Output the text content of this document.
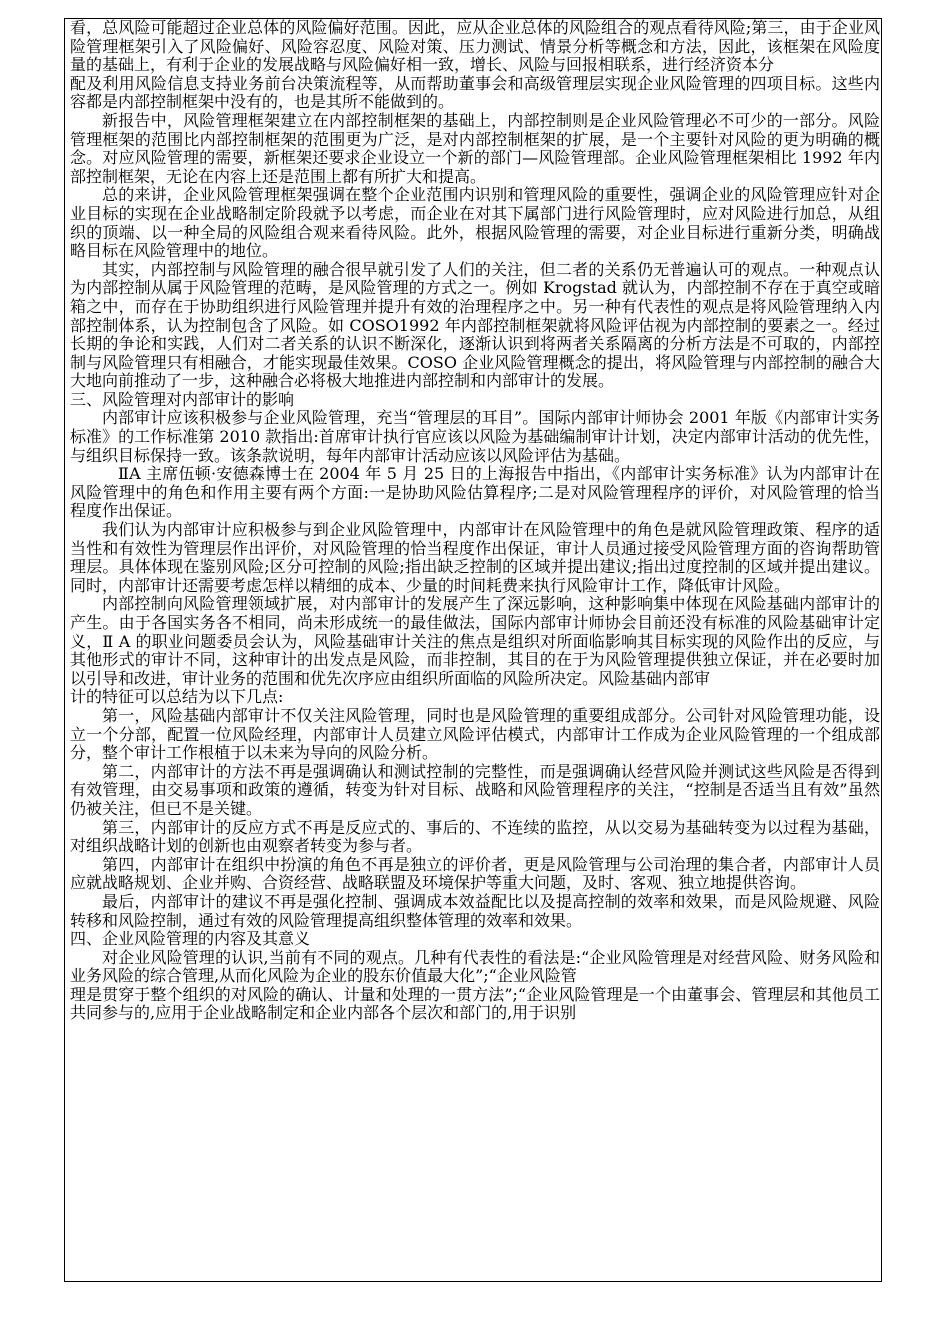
看，总风险可能超过企业总体的风险偏好范围。因此，应从企业总体的风险组合的观点看待风险;第三，由于企业风险管理框架引入了风险偏好、风险容忍度、风险对策、压力测试、情景分析等概念和方法，因此，该框架在风险度量的基础上，有利于企业的发展战略与风险偏好相一致，增长、风险与回报相联系，进行经济资本分

配及利用风险信息支持业务前台决策流程等，从而帮助董事会和高级管理层实现企业风险管理的四项目标。这些内容都是内部控制框架中没有的，也是其所不能做到的。

新报告中，风险管理框架建立在内部控制框架的基础上，内部控制则是企业风险管理必不可少的一部分。风险管理框架的范围比内部控制框架的范围更为广泛，是对内部控制框架的扩展，是一个主要针对风险的更为明确的概念。对应风险管理的需要，新框架还要求企业设立一个新的部门—风险管理部。企业风险管理框架相比 1992 年内部控制框架，无论在内容上还是范围上都有所扩大和提高。

总的来讲，企业风险管理框架强调在整个企业范围内识别和管理风险的重要性，强调企业的风险管理应针对企业目标的实现在企业战略制定阶段就予以考虑，而企业在对其下属部门进行风险管理时，应对风险进行加总，从组织的顶端、以一种全局的风险组合观来看待风险。此外，根据风险管理的需要，对企业目标进行重新分类，明确战略目标在风险管理中的地位。

其实，内部控制与风险管理的融合很早就引发了人们的关注，但二者的关系仍无普遍认可的观点。一种观点认为内部控制从属于风险管理的范畴，是风险管理的方式之一。例如 Krogstad 就认为，内部控制不存在于真空或暗箱之中，而存在于协助组织进行风险管理并提升有效的治理程序之中。另一种有代表性的观点是将风险管理纳入内部控制体系，认为控制包含了风险。如 COSO1992 年内部控制框架就将风险评估视为内部控制的要素之一。经过长期的争论和实践，人们对二者关系的认识不断深化，逐渐认识到将两者关系隔离的分析方法是不可取的，内部控制与风险管理只有相融合，才能实现最佳效果。COSO 企业风险管理概念的提出，将风险管理与内部控制的融合大大地向前推动了一步，这种融合必将极大地推进内部控制和内部审计的发展。

三、风险管理对内部审计的影响

内部审计应该积极参与企业风险管理，充当“管理层的耳目”。国际内部审计师协会 2001 年版《内部审计实务标准》的工作标准第 2010 款指出:首席审计执行官应该以风险为基础编制审计计划，决定内部审计活动的优先性，与组织目标保持一致。该条款说明，每年内部审计活动应该以风险评估为基础。

ⅡA 主席伍顿·安德森博士在 2004 年 5 月 25 日的上海报告中指出，《内部审计实务标准》认为内部审计在风险管理中的角色和作用主要有两个方面:一是协助风险估算程序;二是对风险管理程序的评价，对风险管理的恰当程度作出保证。

我们认为内部审计应积极参与到企业风险管理中，内部审计在风险管理中的角色是就风险管理政策、程序的适当性和有效性为管理层作出评价，对风险管理的恰当程度作出保证，审计人员通过接受风险管理方面的咨询帮助管理层。具体体现在鉴别风险;区分可控制的风险;指出缺乏控制的区域并提出建议;指出过度控制的区域并提出建议。同时，内部审计还需要考虑怎样以精细的成本、少量的时间耗费来执行风险审计工作，降低审计风险。

内部控制向风险管理领域扩展，对内部审计的发展产生了深远影响，这种影响集中体现在风险基础内部审计的产生。由于各国实务各不相同，尚未形成统一的最佳做法，国际内部审计师协会目前还没有标准的风险基础审计定义，Ⅱ A 的职业问题委员会认为，风险基础审计关注的焦点是组织对所面临影响其目标实现的风险作出的反应，与其他形式的审计不同，这种审计的出发点是风险，而非控制，其目的在于为风险管理提供独立保证，并在必要时加以引导和改进，审计业务的范围和优先次序应由组织所面临的风险所决定。风险基础内部审

计的特征可以总结为以下几点:

第一，风险基础内部审计不仅关注风险管理，同时也是风险管理的重要组成部分。公司针对风险管理功能，设立一个分部，配置一位风险经理，内部审计人员建立风险评估模式，内部审计工作成为企业风险管理的一个组成部分，整个审计工作根植于以未来为导向的风险分析。

第二，内部审计的方法不再是强调确认和测试控制的完整性，而是强调确认经营风险并测试这些风险是否得到有效管理，由交易事项和政策的遵循，转变为针对目标、战略和风险管理程序的关注，“控制是否适当且有效”虽然仍被关注，但已不是关键。

第三，内部审计的反应方式不再是反应式的、事后的、不连续的监控，从以交易为基础转变为以过程为基础，对组织战略计划的创新也由观察者转变为参与者。

第四，内部审计在组织中扮演的角色不再是独立的评价者，更是风险管理与公司治理的集合者，内部审计人员应就战略规划、企业并购、合资经营、战略联盟及环境保护等重大问题，及时、客观、独立地提供咨询。

最后，内部审计的建议不再是强化控制、强调成本效益配比以及提高控制的效率和效果，而是风险规避、风险转移和风险控制，通过有效的风险管理提高组织整体管理的效率和效果。

四、企业风险管理的内容及其意义

对企业风险管理的认识,当前有不同的观点。几种有代表性的看法是:“企业风险管理是对经营风险、财务风险和业务风险的综合管理,从而化风险为企业的股东价值最大化”;“企业风险管

理是贯穿于整个组织的对风险的确认、计量和处理的一贯方法”;“企业风险管理是一个由董事会、管理层和其他员工共同参与的,应用于企业战略制定和企业内部各个层次和部门的,用于识别
